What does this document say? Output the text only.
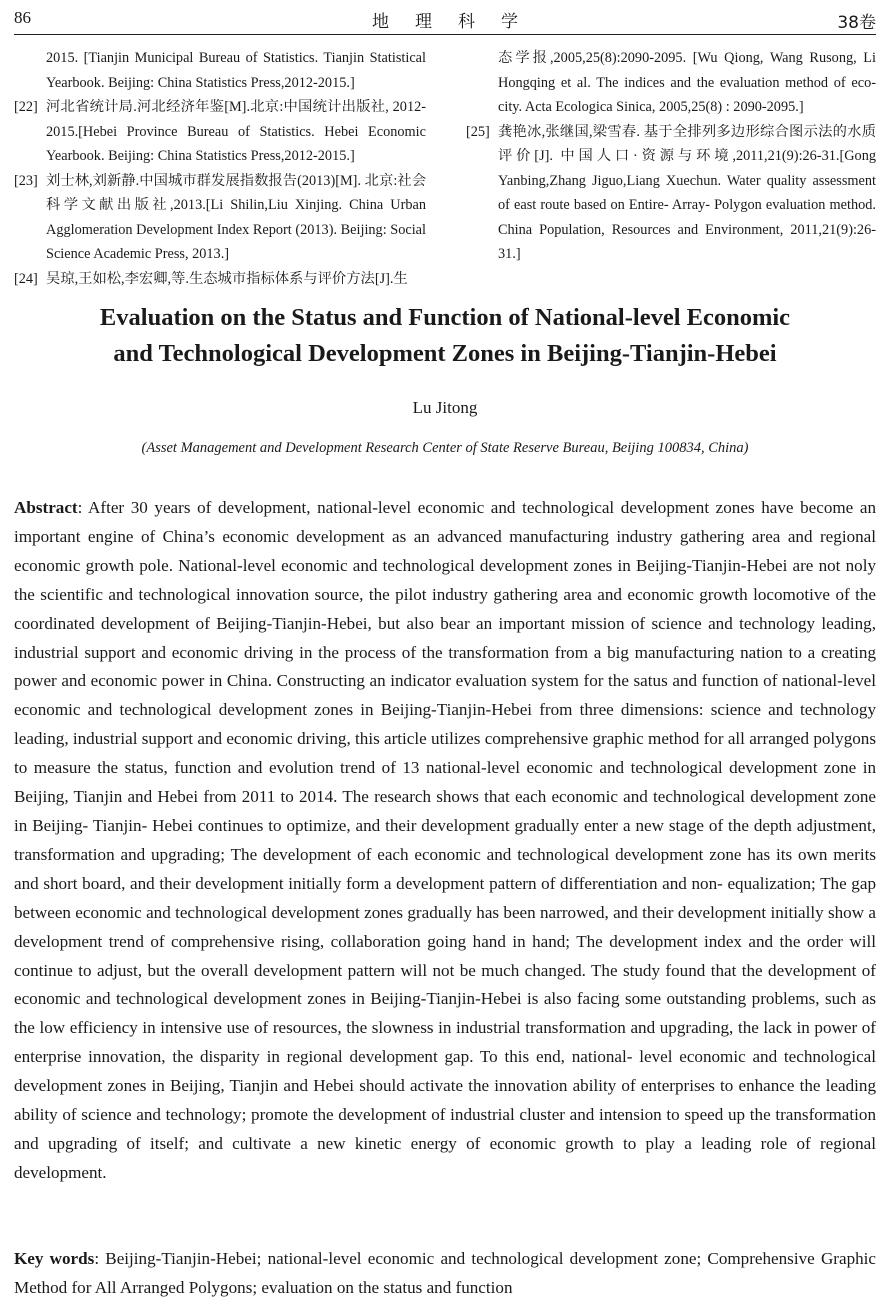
86	地理科学	38卷
2015. [Tianjin Municipal Bureau of Statistics. Tianjin Statistical Yearbook. Beijing: China Statistics Press,2012-2015.]
[22] 河北省统计局.河北经济年鉴[M].北京:中国统计出版社, 2012- 2015.[Hebei Province Bureau of Statistics. Hebei Economic Yearbook. Beijing: China Statistics Press,2012-2015.]
[23] 刘士林,刘新静.中国城市群发展指数报告(2013)[M]. 北京:社会科学文献出版社,2013.[Li Shilin,Liu Xinjing. China Urban Agglomeration Development Index Report (2013). Beijing: Social Science Academic Press, 2013.]
[24] 吴琼,王如松,李宏卿,等.生态城市指标体系与评价方法[J].生
态学报,2005,25(8):2090-2095. [Wu Qiong, Wang Rusong, Li Hongqing et al. The indices and the evaluation method of eco-city. Acta Ecologica Sinica, 2005,25(8) : 2090-2095.]
[25] 龚艳冰,张继国,梁雪春. 基于全排列多边形综合图示法的水质评价[J]. 中国人口·资源与环境,2011,21(9):26-31.[Gong Yanbing,Zhang Jiguo,Liang Xuechun. Water quality assessment of east route based on Entire- Array- Polygon evaluation method. China Population, Resources and Environment, 2011,21(9):26-31.]
Evaluation on the Status and Function of National-level Economic
and Technological Development Zones in Beijing-Tianjin-Hebei
Lu Jitong
(Asset Management and Development Research Center of State Reserve Bureau, Beijing 100834, China)
Abstract: After 30 years of development, national-level economic and technological development zones have become an important engine of China’s economic development as an advanced manufacturing industry gathering area and regional economic growth pole. National-level economic and technological development zones in Beijing-Tianjin-Hebei are not noly the scientific and technological innovation source, the pilot industry gathering area and economic growth locomotive of the coordinated development of Beijing-Tianjin-Hebei, but also bear an important mission of science and technology leading, industrial support and economic driving in the process of the transformation from a big manufacturing nation to a creating power and economic power in China. Constructing an indicator evaluation system for the satus and function of national-level economic and technological development zones in Beijing-Tianjin-Hebei from three dimensions: science and technology leading, industrial support and economic driving, this article utilizes comprehensive graphic method for all arranged polygons to measure the status, function and evolution trend of 13 national-level economic and technological development zone in Beijing, Tianjin and Hebei from 2011 to 2014. The research shows that each economic and technological development zone in Beijing- Tianjin- Hebei continues to optimize, and their development gradually enter a new stage of the depth adjustment, transformation and upgrading; The development of each economic and technological development zone has its own merits and short board, and their development initially form a development pattern of differentiation and non- equalization; The gap between economic and technological development zones gradually has been narrowed, and their development initially show a development trend of comprehensive rising, collaboration going hand in hand; The development index and the order will continue to adjust, but the overall development pattern will not be much changed. The study found that the development of economic and technological development zones in Beijing-Tianjin-Hebei is also facing some outstanding problems, such as the low efficiency in intensive use of resources, the slowness in industrial transformation and upgrading, the lack in power of enterprise innovation, the disparity in regional development gap. To this end, national- level economic and technological development zones in Beijing, Tianjin and Hebei should activate the innovation ability of enterprises to enhance the leading ability of science and technology; promote the development of industrial cluster and intension to speed up the transformation and upgrading of itself; and cultivate a new kinetic energy of economic growth to play a leading role of regional development.
Key words: Beijing-Tianjin-Hebei; national-level economic and technological development zone; Comprehensive Graphic Method for All Arranged Polygons; evaluation on the status and function
